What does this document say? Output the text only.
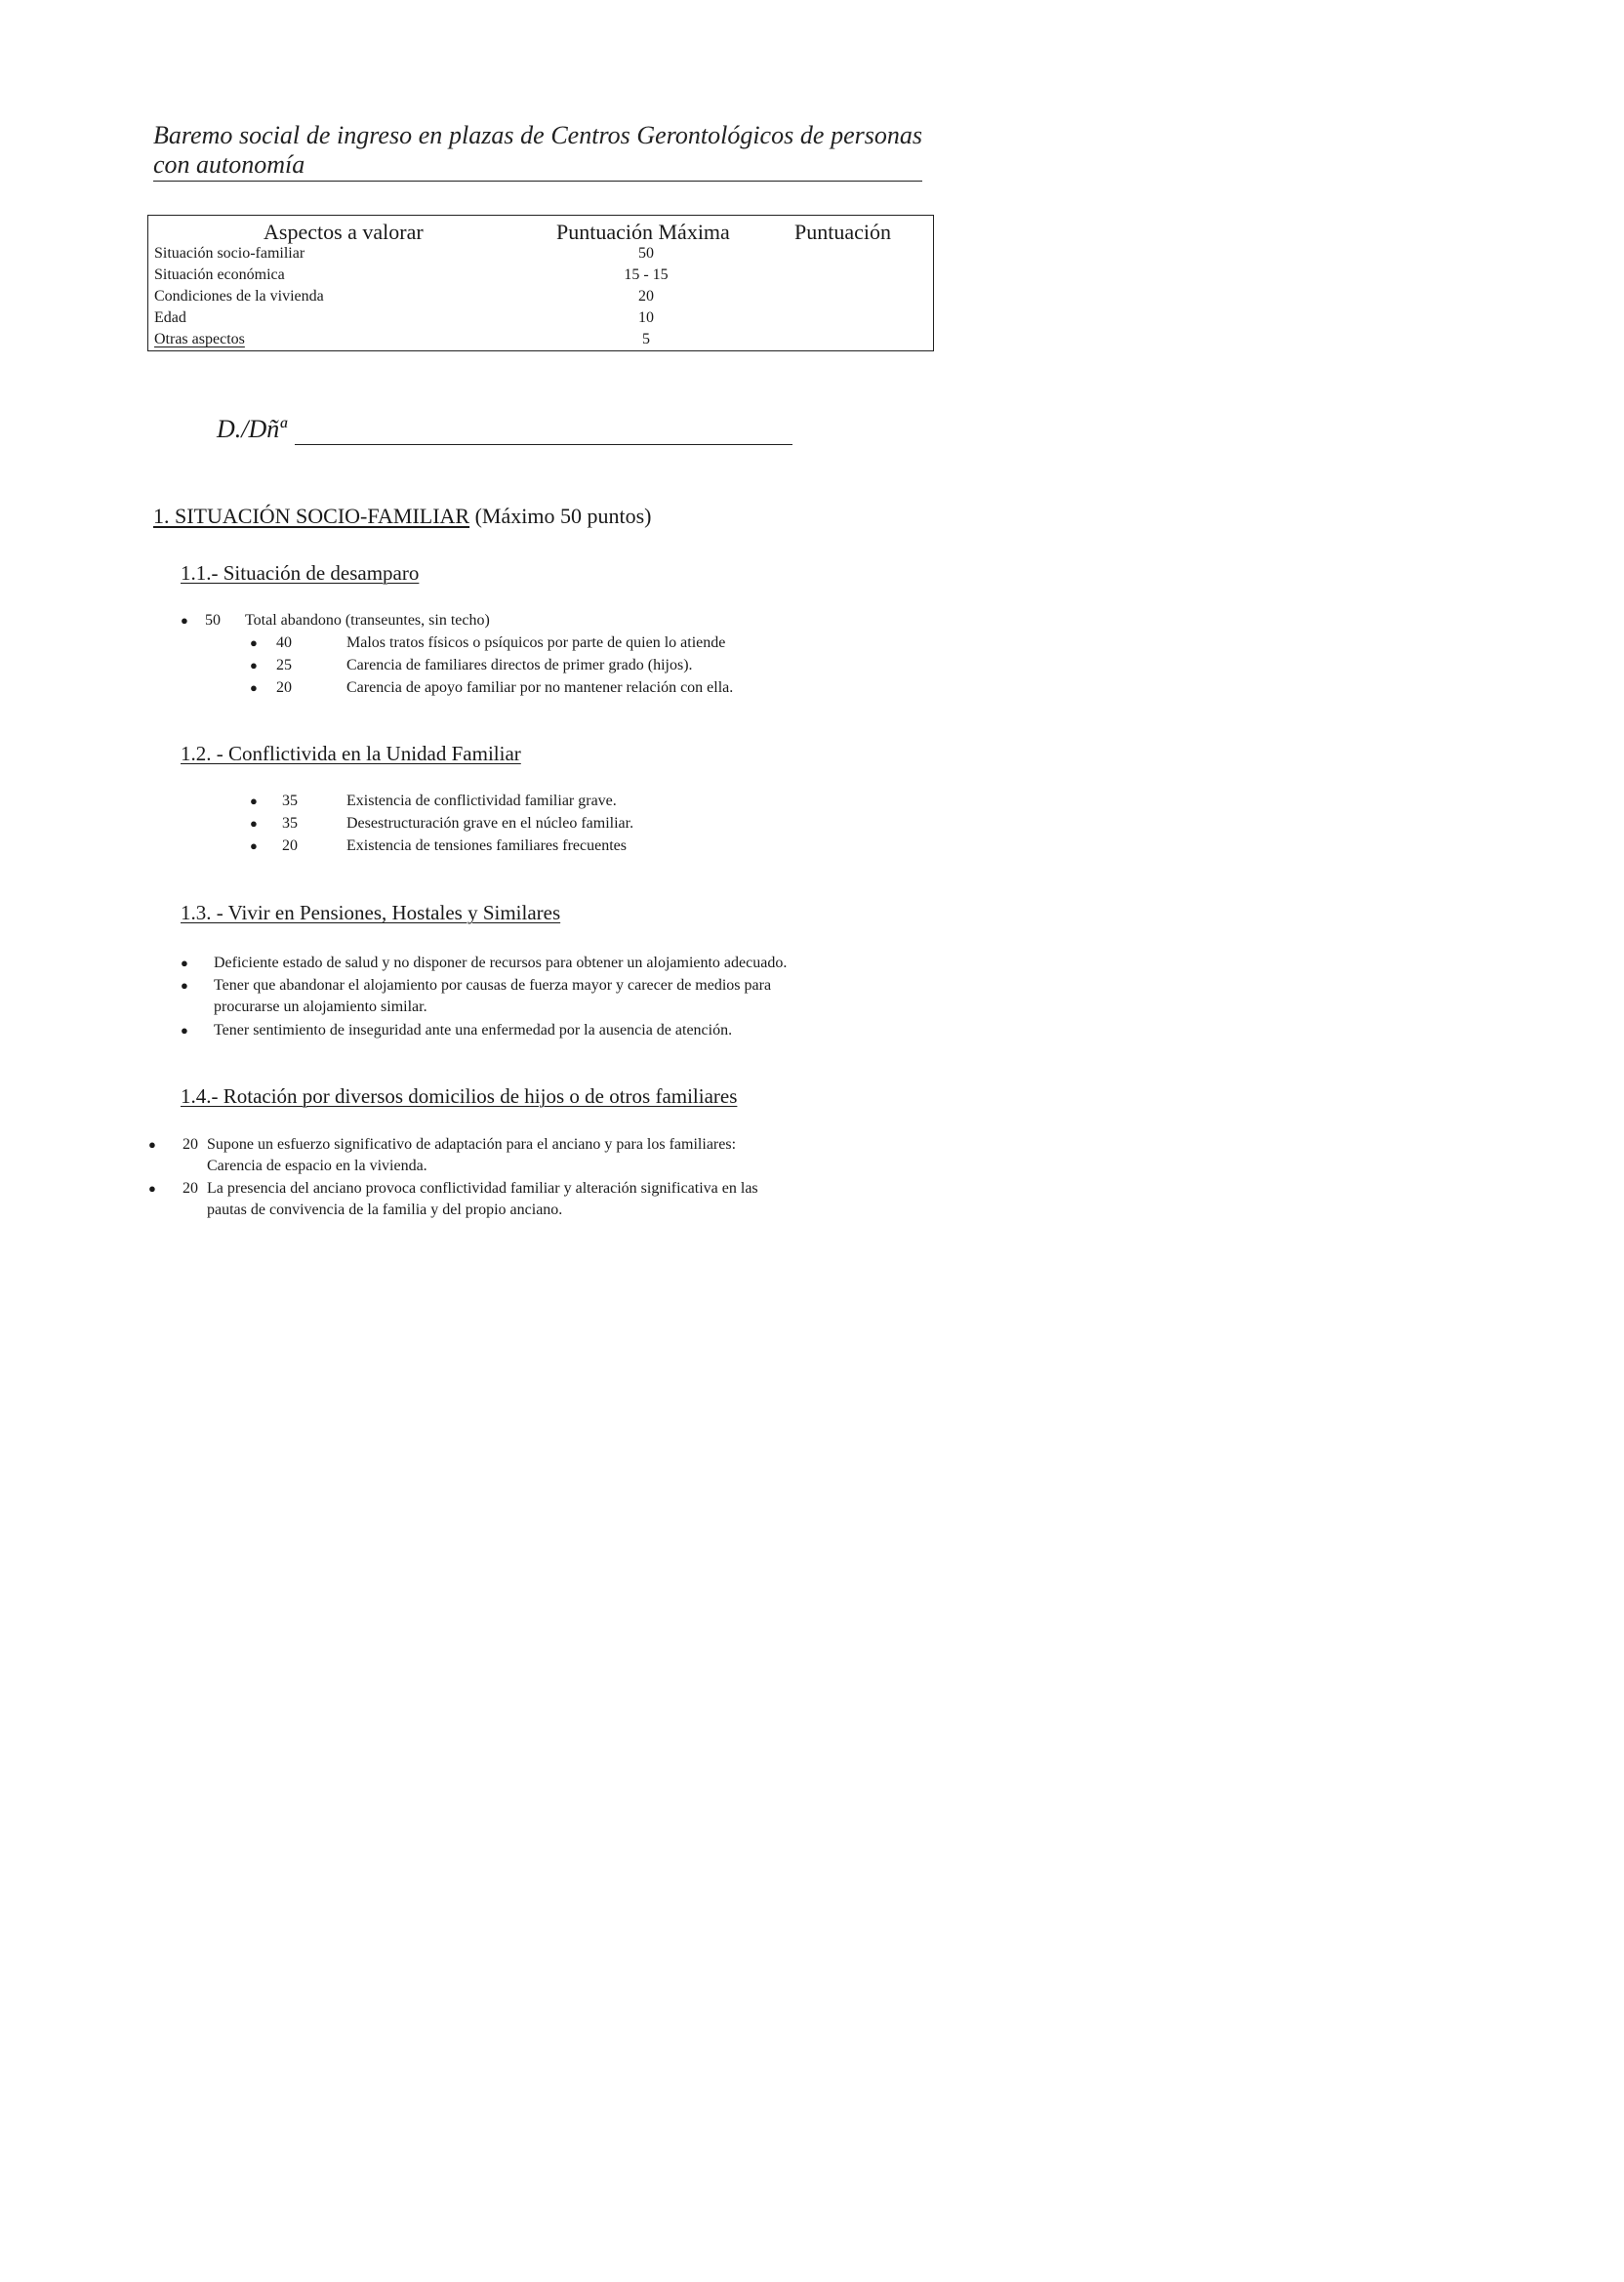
Baremo social de ingreso en plazas de Centros Gerontológicos de personas con autonomía
Aspectos a valorar	Puntuación Máxima	Puntuación
Situación socio-familiar	50
Situación económica	15 - 15
Condiciones de la vivienda	20
Edad	10
Otras aspectos	5
D./Dñª
1. SITUACIÓN SOCIO-FAMILIAR (Máximo 50 puntos)
1.1.- Situación de desamparo
● 50 Total abandono (transeuntes, sin techo)
● 40	Malos tratos físicos o psíquicos por parte de quien lo atiende
● 25	Carencia de familiares directos de primer grado (hijos).
● 20	Carencia de apoyo familiar por no mantener relación con ella.
1.2. - Conflictivida en la Unidad Familiar
● 35	Existencia de conflictividad familiar grave.
● 35	Desestructuración grave en el núcleo familiar.
● 20	Existencia de tensiones familiares frecuentes
1.3. - Vivir en Pensiones, Hostales y Similares
● Deficiente estado de salud y no disponer de recursos para obtener un alojamiento adecuado.
● Tener que abandonar el alojamiento por causas de fuerza mayor y carecer de medios para
procurarse un alojamiento similar.
● Tener sentimiento de inseguridad ante una enfermedad por la ausencia de atención.
1.4.- Rotación por diversos domicilios de hijos o de otros familiares
● 20 Supone un esfuerzo significativo de adaptación para el anciano y para los familiares:
Carencia de espacio en la vivienda.
● 20 La presencia del anciano provoca conflictividad familiar y alteración significativa en las
pautas de convivencia de la familia y del propio anciano.
